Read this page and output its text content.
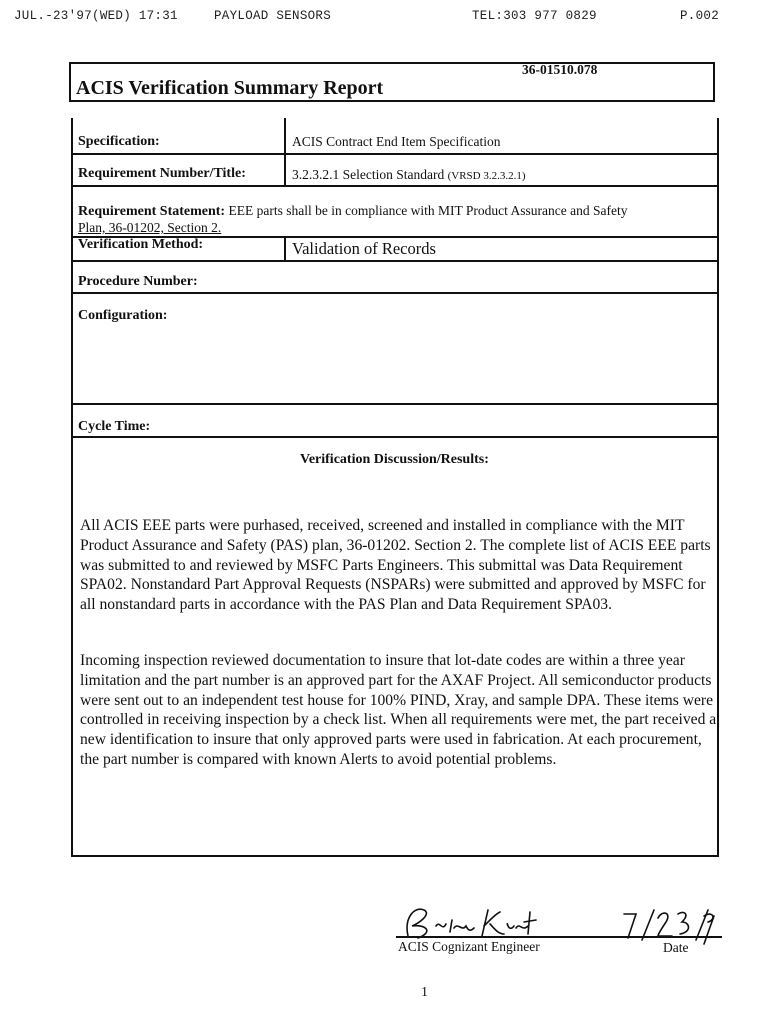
JUL.-23'97(WED) 17:31	PAYLOAD SENSORS	TEL:303 977 0829	P.002
36-01510.078
ACIS Verification Summary Report
Specification:	ACIS Contract End Item Specification
Requirement Number/Title:	3.2.3.2.1 Selection Standard (VRSD 3.2.3.2.1)
Requirement Statement: EEE parts shall be in compliance with MIT Product Assurance and Safety
Plan, 36-01202, Section 2.
Verification Method:	Validation of Records
Procedure Number:
Configuration:
Cycle Time:
Verification Discussion/Results:

All ACIS EEE parts were purhased, received, screened and installed in compliance with the MIT Product Assurance and Safety (PAS) plan, 36-01202. Section 2. The complete list of ACIS EEE parts was submitted to and reviewed by MSFC Parts Engineers. This submittal was Data Requirement SPA02. Nonstandard Part Approval Requests (NSPARs) were submitted and approved by MSFC for all nonstandard parts in accordance with the PAS Plan and Data Requirement SPA03.

Incoming inspection reviewed documentation to insure that lot-date codes are within a three year limitation and the part number is an approved part for the AXAF Project. All semiconductor products were sent out to an independent test house for 100% PIND, Xray, and sample DPA. These items were controlled in receiving inspection by a check list. When all requirements were met, the part received a new identification to insure that only approved parts were used in fabrication. At each procurement, the part number is compared with known Alerts to avoid potential problems.

ACIS Cognizant Engineer	Date
1
